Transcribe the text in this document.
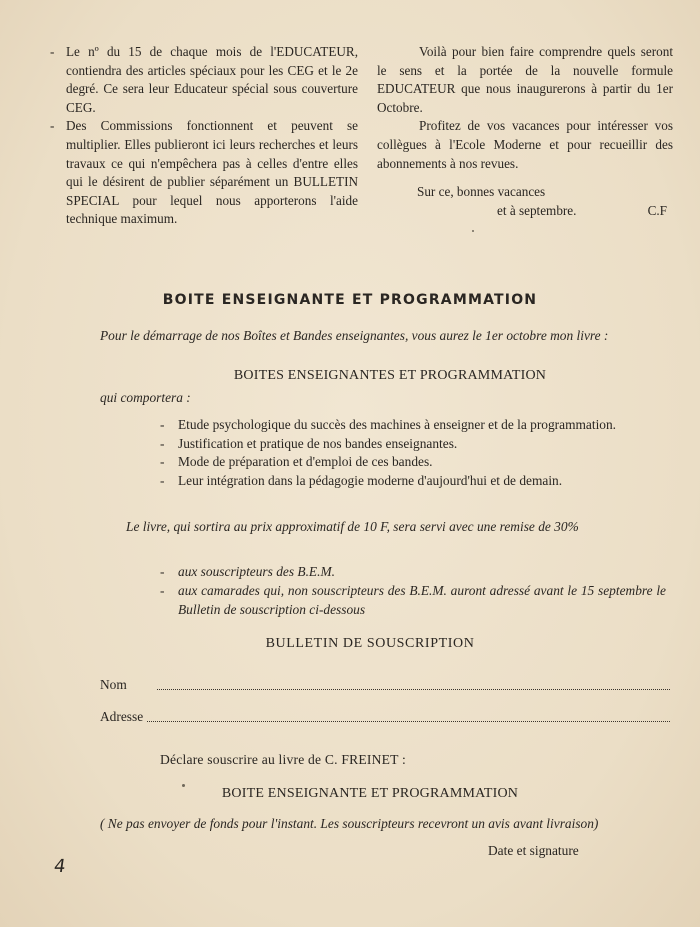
- Le nº du 15 de chaque mois de l'EDUCATEUR, contiendra des articles spéciaux pour les CEG et le 2e degré. Ce sera leur Educateur spécial sous couverture CEG.
- Des Commissions fonctionnent et peuvent se multiplier. Elles publieront ici leurs recherches et leurs travaux ce qui n'empêchera pas à celles d'entre elles qui le désirent de publier séparément un BULLETIN SPECIAL pour lequel nous apporterons l'aide technique maximum.
Voilà pour bien faire comprendre quels seront le sens et la portée de la nouvelle formule EDUCATEUR que nous inaugurerons à partir du 1er Octobre.
Profitez de vos vacances pour intéresser vos collègues à l'Ecole Moderne et pour recueillir des abonnements à nos revues.
Sur ce, bonnes vacances
et à septembre.	C.F
BOITE ENSEIGNANTE ET PROGRAMMATION
Pour le démarrage de nos Boîtes et Bandes enseignantes, vous aurez le 1er octobre mon livre :
BOITES ENSEIGNANTES ET PROGRAMMATION
qui comportera :
-	Etude psychologique du succès des machines à enseigner et de la programmation.
-	Justification et pratique de nos bandes enseignantes.
-	Mode de préparation et d'emploi de ces bandes.
-	Leur intégration dans la pédagogie moderne d'aujourd'hui et de demain.
Le livre, qui sortira au prix approximatif de 10 F, sera servi avec une remise de 30%
-	aux souscripteurs des B.E.M.
-	aux camarades qui, non souscripteurs des B.E.M. auront adressé avant le 15 septembre le Bulletin de souscription ci-dessous
BULLETIN DE SOUSCRIPTION
Nom
Adresse
Déclare souscrire au livre de C. FREINET :
BOITE ENSEIGNANTE ET PROGRAMMATION
( Ne pas envoyer de fonds pour l'instant. Les souscripteurs recevront un avis avant livraison)
Date et signature
4
